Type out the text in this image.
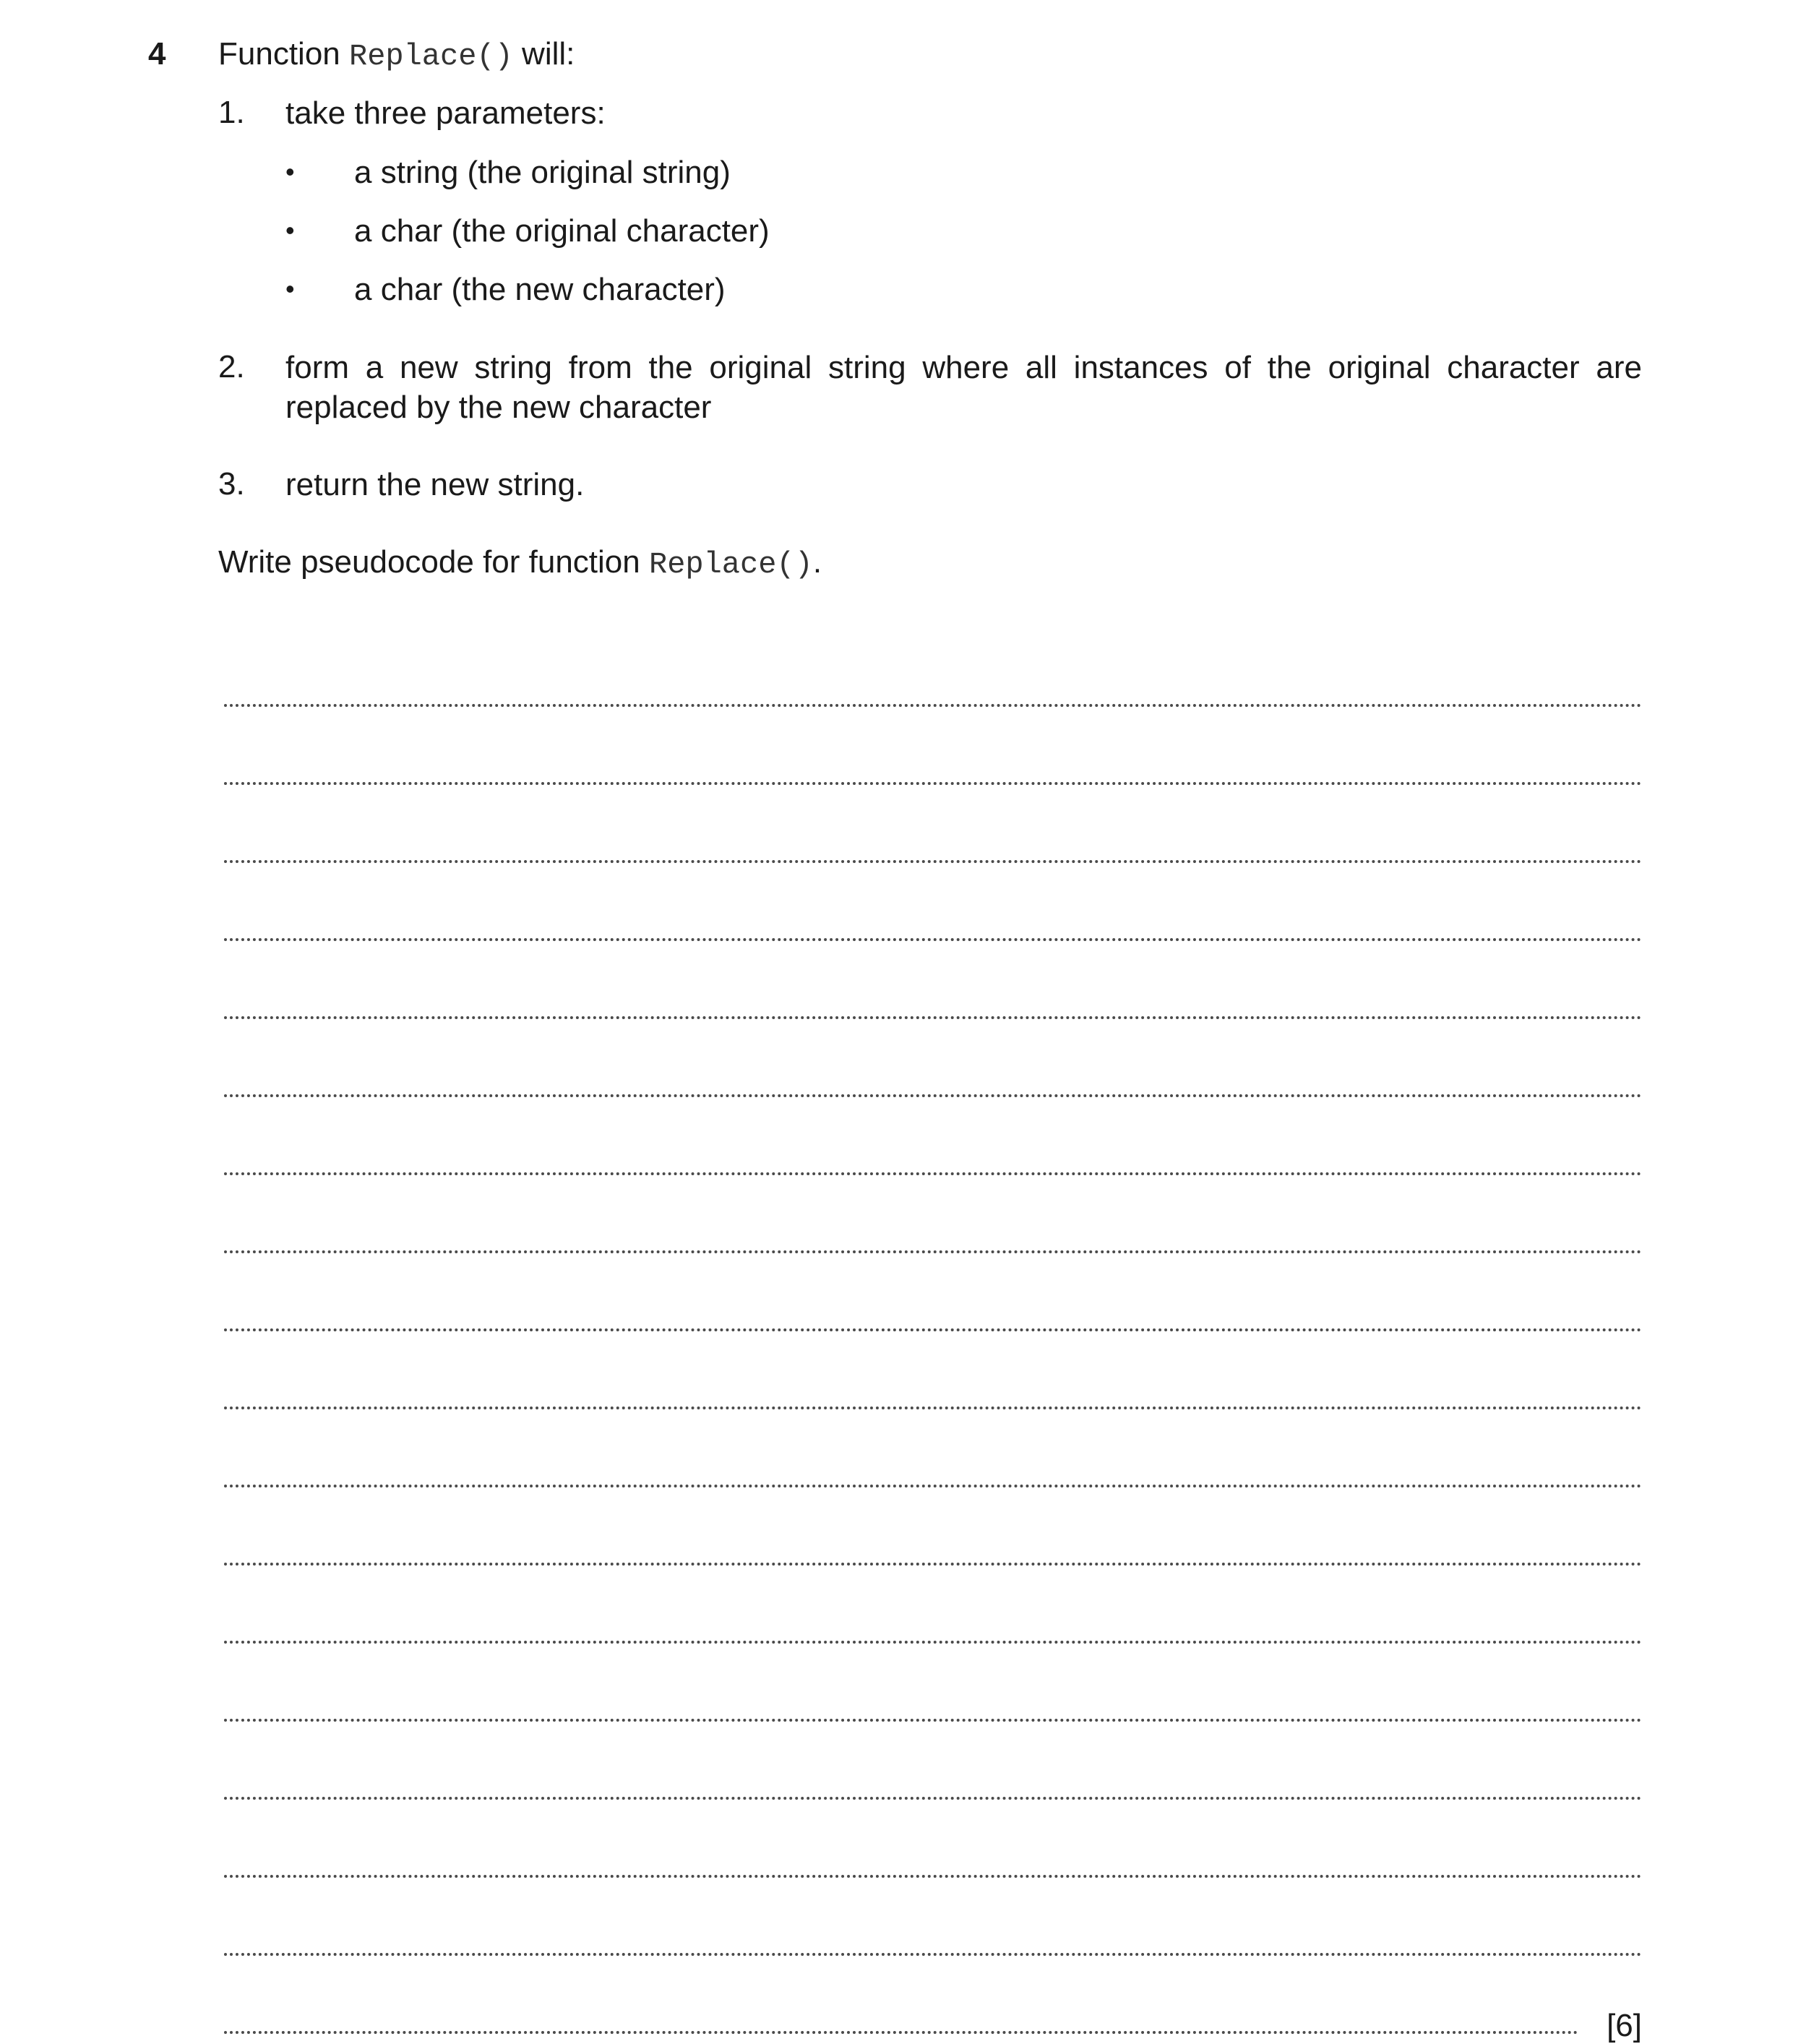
4 Function Replace() will:
1. take three parameters:
• a string (the original string)
• a char (the original character)
• a char (the new character)
2. form a new string from the original string where all instances of the original character are replaced by the new character
3. return the new string.
Write pseudocode for function Replace().
[6]
